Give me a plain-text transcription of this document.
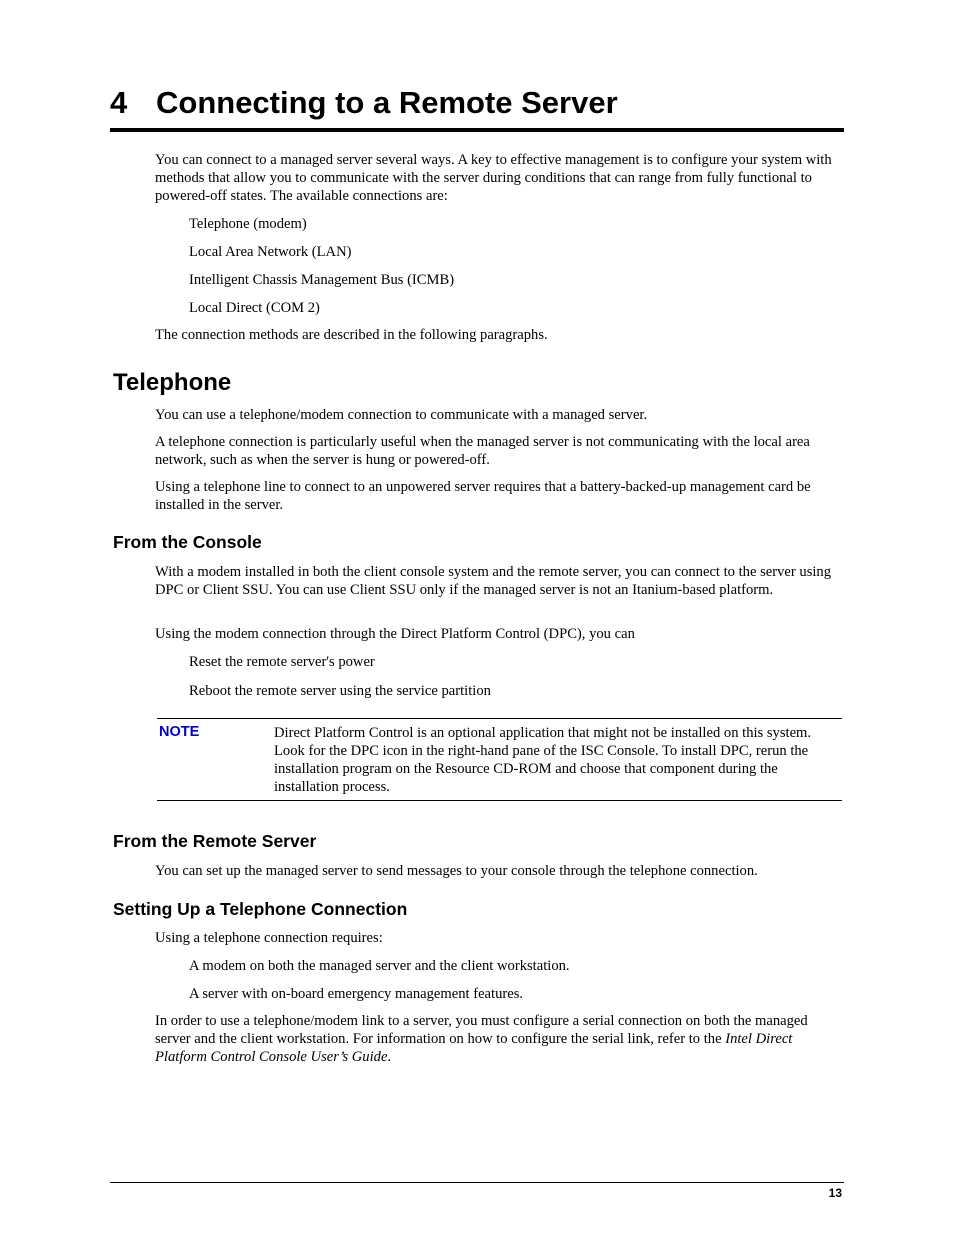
4 Connecting to a Remote Server

You can connect to a managed server several ways. A key to effective management is to configure your system with methods that allow you to communicate with the server during conditions that can range from fully functional to powered-off states. The available connections are:

Telephone (modem)

Local Area Network (LAN)

Intelligent Chassis Management Bus (ICMB)

Local Direct (COM 2)

The connection methods are described in the following paragraphs.

Telephone

You can use a telephone/modem connection to communicate with a managed server.

A telephone connection is particularly useful when the managed server is not communicating with the local area network, such as when the server is hung or powered-off.

Using a telephone line to connect to an unpowered server requires that a battery-backed-up management card be installed in the server.

From the Console

With a modem installed in both the client console system and the remote server, you can connect to the server using DPC or Client SSU. You can use Client SSU only if the managed server is not an Itanium-based platform.

Using the modem connection through the Direct Platform Control (DPC), you can

Reset the remote server's power

Reboot the remote server using the service partition

NOTE	Direct Platform Control is an optional application that might not be installed on this system. Look for the DPC icon in the right-hand pane of the ISC Console. To install DPC, rerun the installation program on the Resource CD-ROM and choose that component during the installation process.

From the Remote Server

You can set up the managed server to send messages to your console through the telephone connection.

Setting Up a Telephone Connection

Using a telephone connection requires:

A modem on both the managed server and the client workstation.

A server with on-board emergency management features.

In order to use a telephone/modem link to a server, you must configure a serial connection on both the managed server and the client workstation. For information on how to configure the serial link, refer to the Intel Direct Platform Control Console User’s Guide.

13
